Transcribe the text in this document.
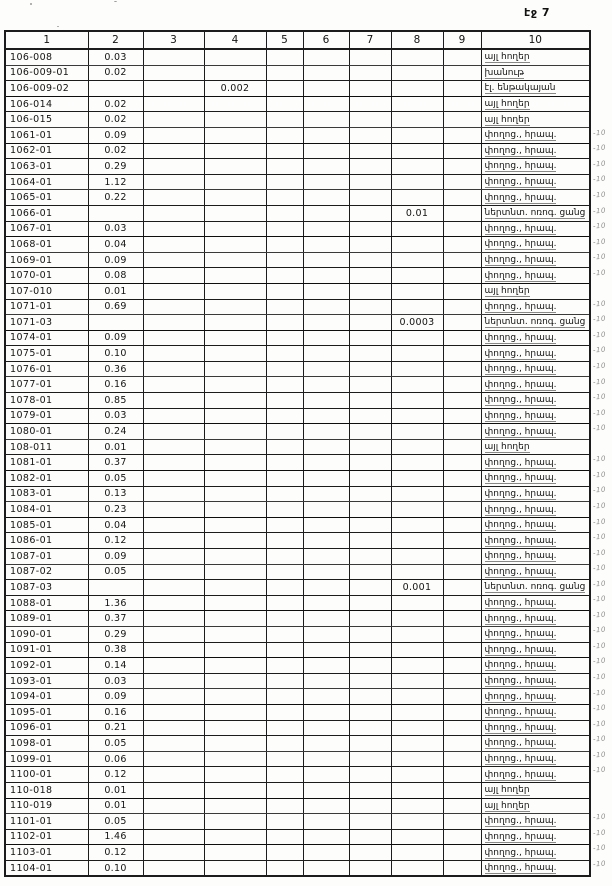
էջ 7
1	2	3	4	5	6	7	8	9	10
106-008	0.03								այլ հողեր
106-009-01	0.02								խանութ
106-009-02			0.002						էլ. ենթակայան
106-014	0.02								այլ հողեր
106-015	0.02								այլ հողեր
1061-01	0.09								փողոց., հրապ.
1062-01	0.02								փողոց., հրապ.
1063-01	0.29								փողոց., հրապ.
1064-01	1.12								փողոց., հրապ.
1065-01	0.22								փողոց., հրապ.
1066-01							0.01		ներտնտ. ոռոգ. ցանց
1067-01	0.03								փողոց., հրապ.
1068-01	0.04								փողոց., հրապ.
1069-01	0.09								փողոց., հրապ.
1070-01	0.08								փողոց., հրապ.
107-010	0.01								այլ հողեր
1071-01	0.69								փողոց., հրապ.
1071-03							0.0003		ներտնտ. ոռոգ. ցանց
1074-01	0.09								փողոց., հրապ.
1075-01	0.10								փողոց., հրապ.
1076-01	0.36								փողոց., հրապ.
1077-01	0.16								փողոց., հրապ.
1078-01	0.85								փողոց., հրապ.
1079-01	0.03								փողոց., հրապ.
1080-01	0.24								փողոց., հրապ.
108-011	0.01								այլ հողեր
1081-01	0.37								փողոց., հրապ.
1082-01	0.05								փողոց., հրապ.
1083-01	0.13								փողոց., հրապ.
1084-01	0.23								փողոց., հրապ.
1085-01	0.04								փողոց., հրապ.
1086-01	0.12								փողոց., հրապ.
1087-01	0.09								փողոց., հրապ.
1087-02	0.05								փողոց., հրապ.
1087-03							0.001		ներտնտ. ոռոգ. ցանց
1088-01	1.36								փողոց., հրապ.
1089-01	0.37								փողոց., հրապ.
1090-01	0.29								փողոց., հրապ.
1091-01	0.38								փողոց., հրապ.
1092-01	0.14								փողոց., հրապ.
1093-01	0.03								փողոց., հրապ.
1094-01	0.09								փողոց., հրապ.
1095-01	0.16								փողոց., հրապ.
1096-01	0.21								փողոց., հրապ.
1098-01	0.05								փողոց., հրապ.
1099-01	0.06								փողոց., հրապ.
1100-01	0.12								փողոց., հրապ.
110-018	0.01								այլ հողեր
110-019	0.01								այլ հողեր
1101-01	0.05								փողոց., հրապ.
1102-01	1.46								փողոց., հրապ.
1103-01	0.12								փողոց., հրապ.
1104-01	0.10								փողոց., հրապ.
-10
-10
-10
-10
-10
-10
-10
-10
-10
-10
-10
-10
-10
-10
-10
-10
-10
-10
-10
-10
-10
-10
-10
-10
-10
-10
-10
-10
-10
-10
-10
-10
-10
-10
-10
-10
-10
-10
-10
-10
-10
-10
-10
-10
